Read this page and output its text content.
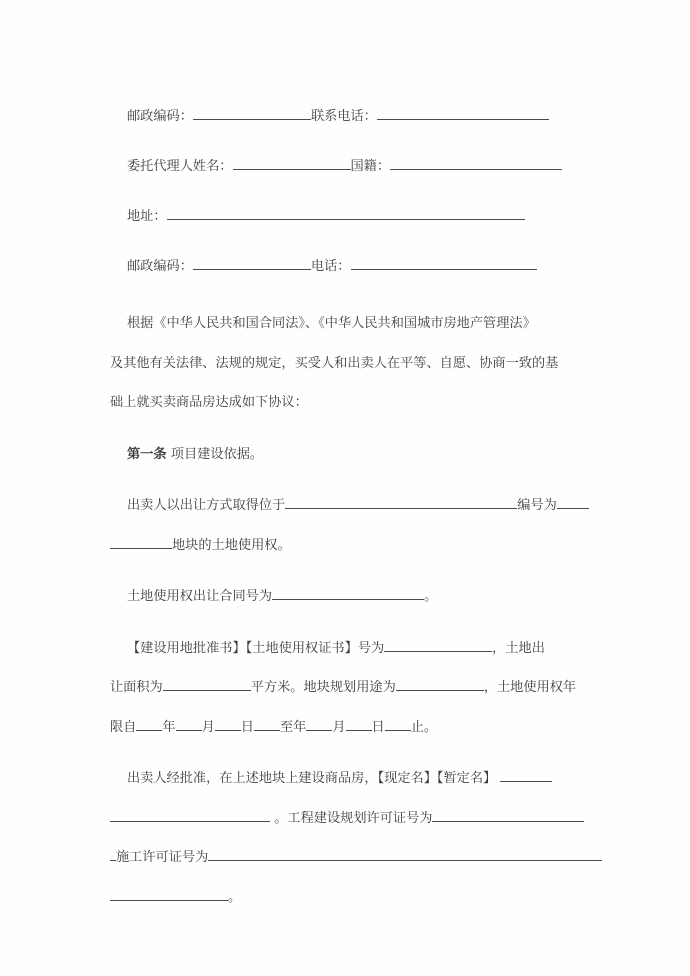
邮政编码：	联系电话：
委托代理人姓名：	国籍：
地址：
邮政编码：	电话：
根据《中华人民共和国合同法》、《中华人民共和国城市房地产管理法》
及其他有关法律、法规的规定，买受人和出卖人在平等、自愿、协商一致的基
础上就买卖商品房达成如下协议：
第一条 项目建设依据。
出卖人以出让方式取得位于	编号为
地块的土地使用权。
土地使用权出让合同号为	。
【建设用地批准书】【土地使用权证书】号为	，土地出
让面积为	平方米。地块规划用途为	，土地使用权年
限自 年 月 日 至年 月 日 止。
出卖人经批准，在上述地块上建设商品房，【现定名】【暂定名】
。工程建设规划许可证号为
施工许可证号为
。
